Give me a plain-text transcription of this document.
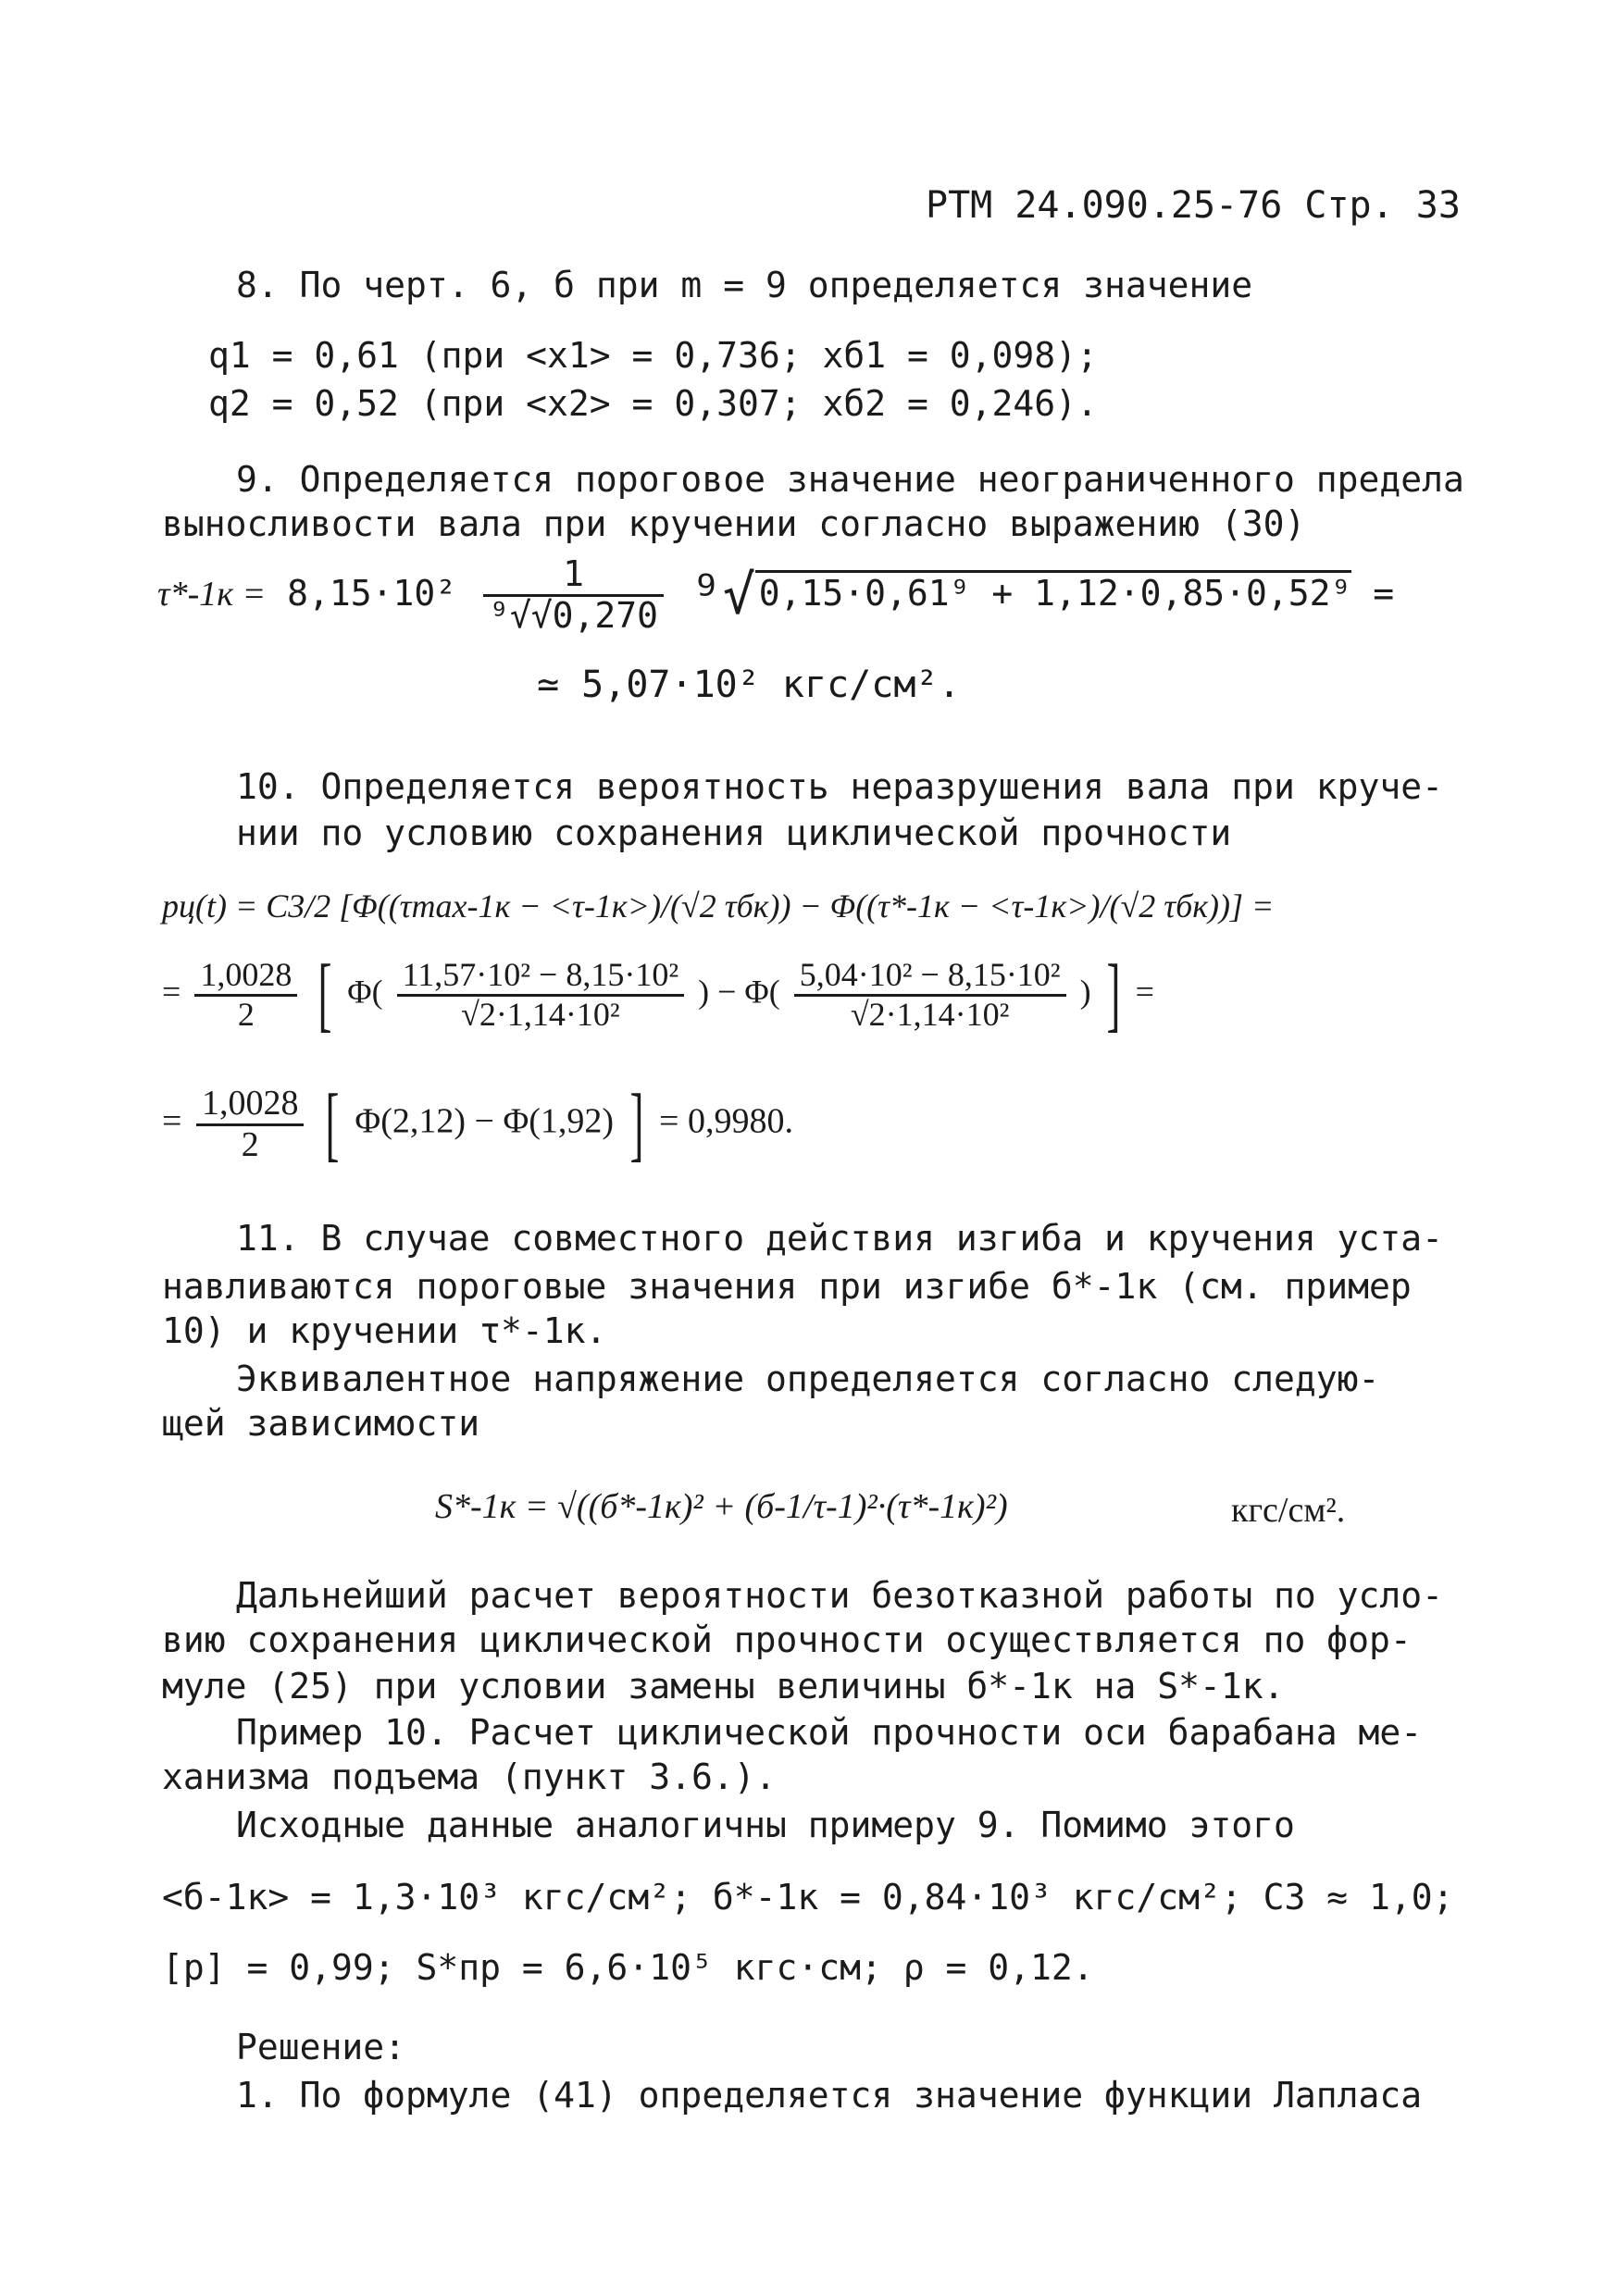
РТМ 24.090.25-76 Стр. 33
8. По черт. 6, б при m = 9 определяется значение
q1 = 0,61 (при <x1> = 0,736; xб1 = 0,098);
q2 = 0,52 (при <x2> = 0,307; xб2 = 0,246).
9. Определяется пороговое значение неограниченного предела
выносливости вала при кручении согласно выражению (30)
$\tau*-1к = 8,15\cdot 10^2 \frac{1}{\text{⁹√√0,270}} ^9√$ 0,15·0,61⁹ + 1,12·0,85·0,52⁹ =
≃ 5,07·10² кгс/см².
10. Определяется вероятность неразрушения вала при круче-
нии по условию сохранения циклической прочности
pц(t) = C3/2 [Φ((τmax-1к − <τ-1к>)/(√2 τбк)) − Φ((τ*-1к − <τ-1к>)/(√2 τбк))] =
= $\frac{1,0028}{2}$ [ $\Phi( \frac{\text{11,57·10² − 8,15·10²}}{\text{√2·1,14·10²}}$ ) − $\Phi( \frac{\text{5,04·10² − 8,15·10²}}{\text{√2·1,14·10²}}$ ) ] =
= $\frac{1,0028}{2}$ [ Φ(2,12) − Φ(1,92) ] = 0,9980.
11. В случае совместного действия изгиба и кручения уста-
навливаются пороговые значения при изгибе б*-1к (см. пример
10) и кручении τ*-1к.
Эквивалентное напряжение определяется согласно следую-
щей зависимости
S*-1к = √((б*-1к)² + (б-1/τ-1)²·(τ*-1к)²)	кгс/см².
Дальнейший расчет вероятности безотказной работы по усло-
вию сохранения циклической прочности осуществляется по фор-
муле (25) при условии замены величины б*-1к на S*-1к.
Пример 10. Расчет циклической прочности оси барабана ме-
ханизма подъема (пункт 3.6.).
Исходные данные аналогичны примеру 9. Помимо этого
<б-1к> = 1,3·10³ кгс/см²; б*-1к = 0,84·10³ кгс/см²; C3 ≈ 1,0;
[p] = 0,99; S*пр = 6,6·10⁵ кгс·см; ρ = 0,12.
Решение:
1. По формуле (41) определяется значение функции Лапласа
